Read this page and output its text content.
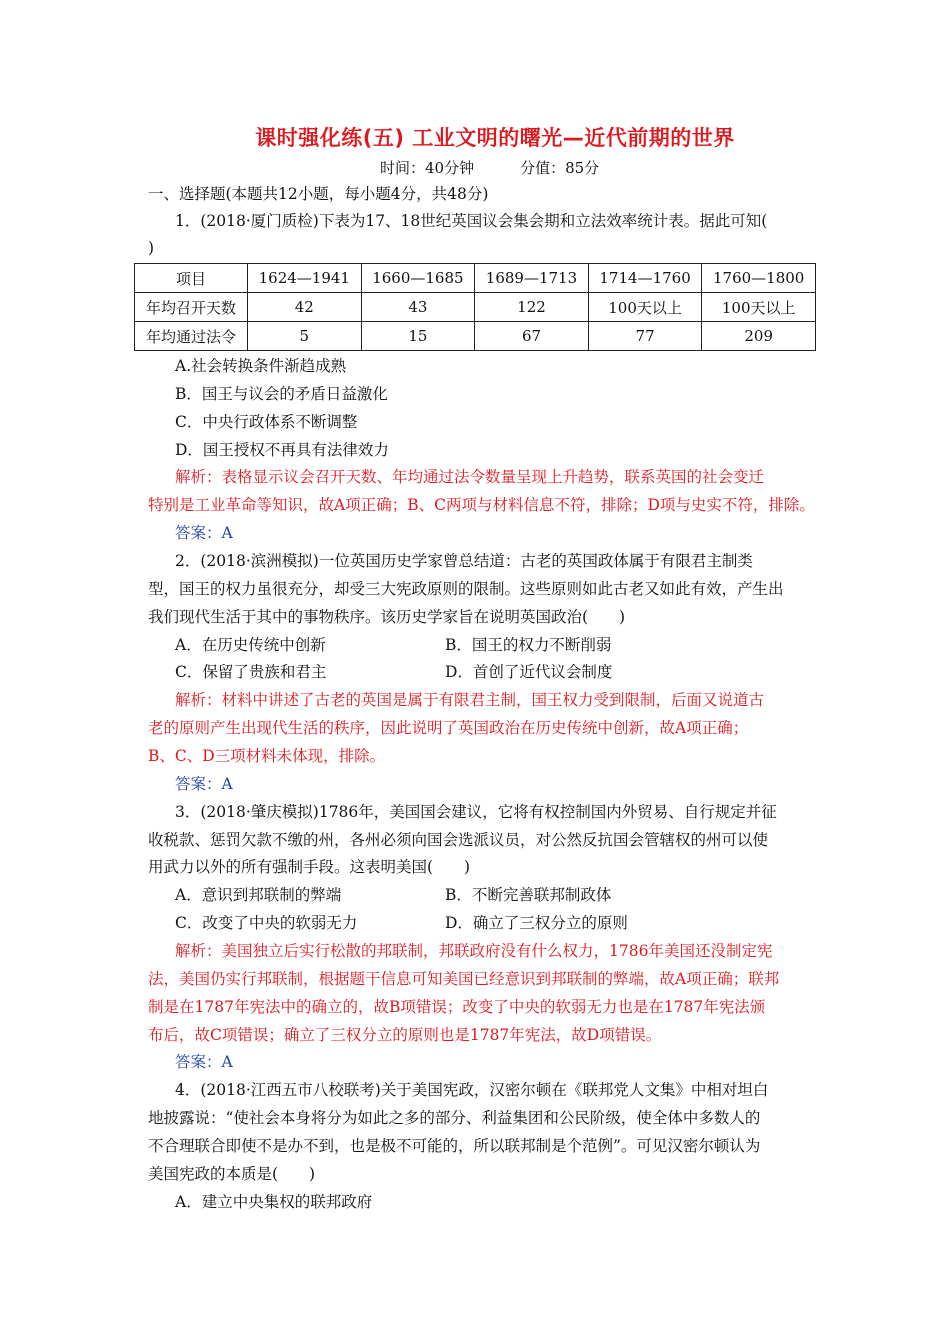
课时强化练(五) 工业文明的曙光—近代前期的世界
时间：40分钟	分值：85分
一、选择题(本题共12小题，每小题4分，共48分)
1．(2018·厦门质检)下表为17、18世纪英国议会集会期和立法效率统计表。据此可知(
)
项目	1624—1941	1660—1685	1689—1713	1714—1760	1760—1800
年均召开天数	42	43	122	100天以上	100天以上
年均通过法令	5	15	67	77	209
A.社会转换条件渐趋成熟
B．国王与议会的矛盾日益激化
C．中央行政体系不断调整
D．国王授权不再具有法律效力
解析：表格显示议会召开天数、年均通过法令数量呈现上升趋势，联系英国的社会变迁
特别是工业革命等知识，故A项正确；B、C两项与材料信息不符，排除；D项与史实不符，排除。
答案：A
2．(2018·滨洲模拟)一位英国历史学家曾总结道：古老的英国政体属于有限君主制类
型，国王的权力虽很充分，却受三大宪政原则的限制。这些原则如此古老又如此有效，产生出
我们现代生活于其中的事物秩序。该历史学家旨在说明英国政治(　　)
A．在历史传统中创新	B．国王的权力不断削弱
C．保留了贵族和君主	D．首创了近代议会制度
解析：材料中讲述了古老的英国是属于有限君主制，国王权力受到限制，后面又说道古
老的原则产生出现代生活的秩序，因此说明了英国政治在历史传统中创新，故A项正确；
B、C、D三项材料未体现，排除。
答案：A
3．(2018·肇庆模拟)1786年，美国国会建议，它将有权控制国内外贸易、自行规定并征
收税款、惩罚欠款不缴的州，各州必须向国会选派议员，对公然反抗国会管辖权的州可以使
用武力以外的所有强制手段。这表明美国(　　)
A．意识到邦联制的弊端	B．不断完善联邦制政体
C．改变了中央的软弱无力	D．确立了三权分立的原则
解析：美国独立后实行松散的邦联制，邦联政府没有什么权力，1786年美国还没制定宪
法，美国仍实行邦联制，根据题干信息可知美国已经意识到邦联制的弊端，故A项正确；联邦
制是在1787年宪法中的确立的，故B项错误；改变了中央的软弱无力也是在1787年宪法颁
布后，故C项错误；确立了三权分立的原则也是1787年宪法，故D项错误。
答案：A
4．(2018·江西五市八校联考)关于美国宪政，汉密尔顿在《联邦党人文集》中相对坦白
地披露说：“使社会本身将分为如此之多的部分、利益集团和公民阶级，使全体中多数人的
不合理联合即使不是办不到，也是极不可能的，所以联邦制是个范例”。可见汉密尔顿认为
美国宪政的本质是(　　)
A．建立中央集权的联邦政府
